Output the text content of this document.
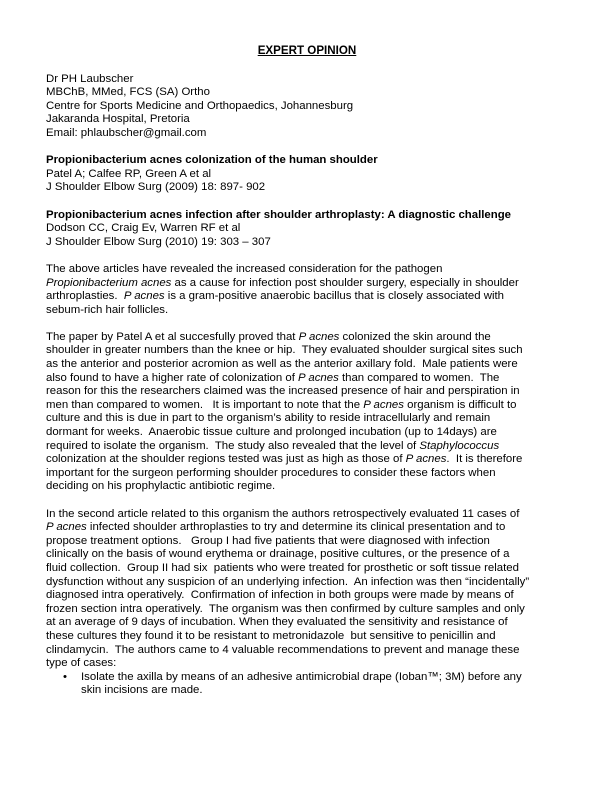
EXPERT OPINION
Dr PH Laubscher
MBChB, MMed, FCS (SA) Ortho
Centre for Sports Medicine and Orthopaedics, Johannesburg
Jakaranda Hospital, Pretoria
Email: phlaubscher@gmail.com
Propionibacterium acnes colonization of the human shoulder
Patel A; Calfee RP, Green A et al
J Shoulder Elbow Surg (2009) 18: 897- 902
Propionibacterium acnes infection after shoulder arthroplasty: A diagnostic challenge
Dodson CC, Craig Ev, Warren RF et al
J Shoulder Elbow Surg (2010) 19: 303 – 307
The above articles have revealed the increased consideration for the pathogen
Propionibacterium acnes as a cause for infection post shoulder surgery, especially in shoulder
arthroplasties.  P acnes is a gram-positive anaerobic bacillus that is closely associated with
sebum-rich hair follicles.
The paper by Patel A et al succesfully proved that P acnes colonized the skin around the
shoulder in greater numbers than the knee or hip.  They evaluated shoulder surgical sites such
as the anterior and posterior acromion as well as the anterior axillary fold.  Male patients were
also found to have a higher rate of colonization of P acnes than compared to women.  The
reason for this the researchers claimed was the increased presence of hair and perspiration in
men than compared to women.   It is important to note that the P acnes organism is difficult to
culture and this is due in part to the organism’s ability to reside intracellularly and remain
dormant for weeks.  Anaerobic tissue culture and prolonged incubation (up to 14days) are
required to isolate the organism.  The study also revealed that the level of Staphylococcus
colonization at the shoulder regions tested was just as high as those of P acnes.  It is therefore
important for the surgeon performing shoulder procedures to consider these factors when
deciding on his prophylactic antibiotic regime.
In the second article related to this organism the authors retrospectively evaluated 11 cases of
P acnes infected shoulder arthroplasties to try and determine its clinical presentation and to
propose treatment options.   Group I had five patients that were diagnosed with infection
clinically on the basis of wound erythema or drainage, positive cultures, or the presence of a
fluid collection.  Group II had six  patients who were treated for prosthetic or soft tissue related
dysfunction without any suspicion of an underlying infection.  An infection was then “incidentally”
diagnosed intra operatively.  Confirmation of infection in both groups were made by means of
frozen section intra operatively.  The organism was then confirmed by culture samples and only
at an average of 9 days of incubation. When they evaluated the sensitivity and resistance of
these cultures they found it to be resistant to metronidazole  but sensitive to penicillin and
clindamycin.  The authors came to 4 valuable recommendations to prevent and manage these
type of cases:
• Isolate the axilla by means of an adhesive antimicrobial drape (Ioban™; 3M) before any
skin incisions are made.
